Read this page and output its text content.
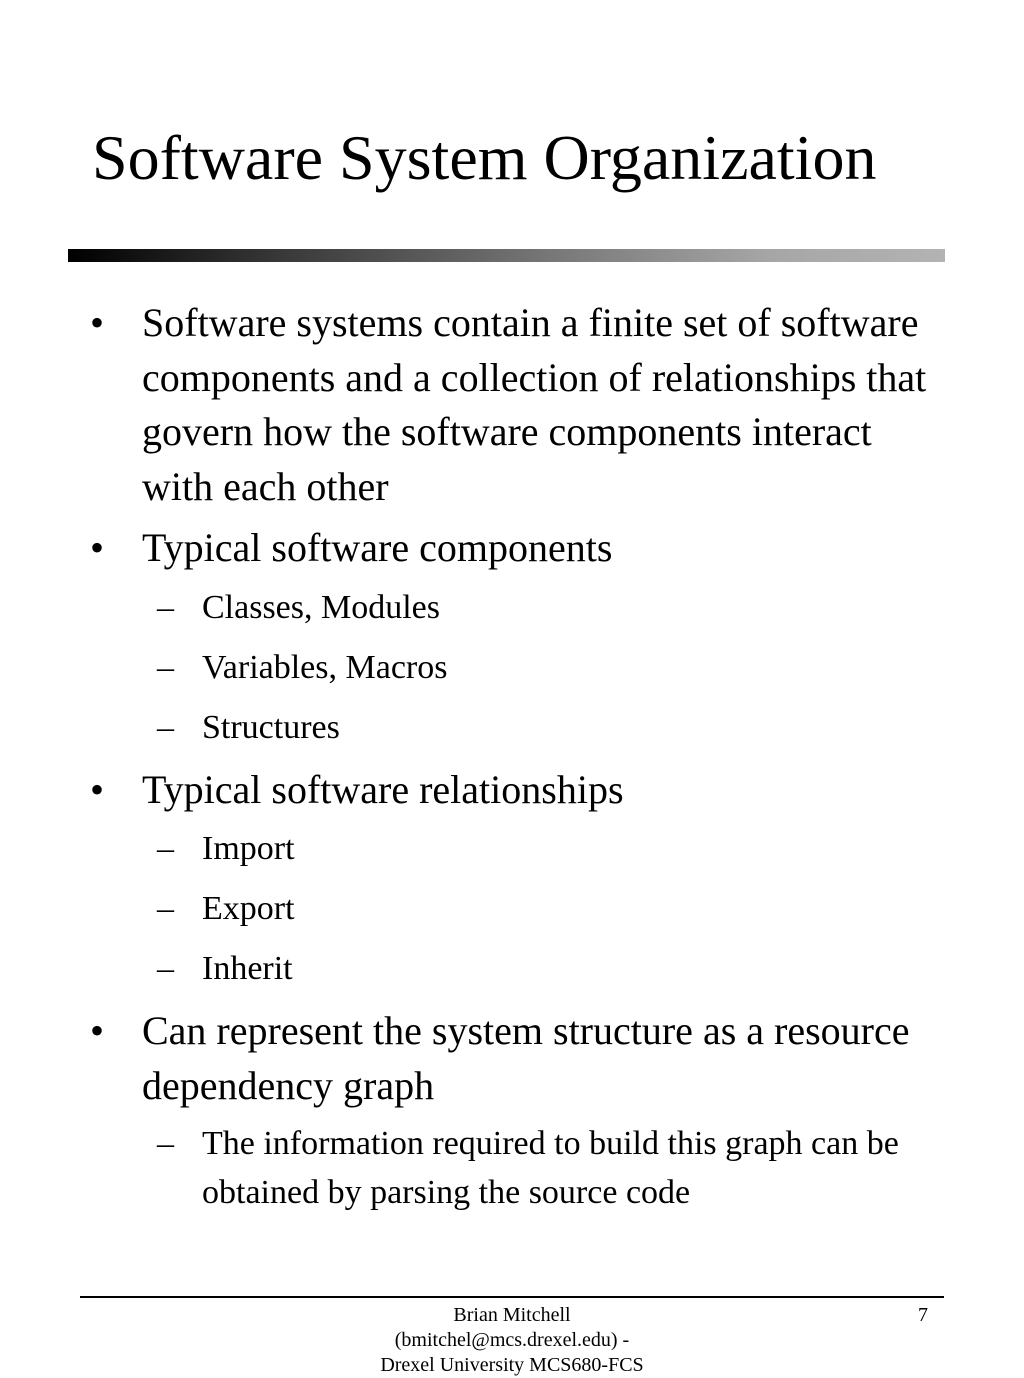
Software System Organization
• Software systems contain a finite set of software components and a collection of relationships that govern how the software components interact with each other
• Typical software components
– Classes, Modules
– Variables, Macros
– Structures
• Typical software relationships
– Import
– Export
– Inherit
• Can represent the system structure as a resource dependency graph
– The information required to build this graph can be obtained by parsing the source code
Brian Mitchell
(bmitchel@mcs.drexel.edu) -
Drexel University MCS680-FCS
7
